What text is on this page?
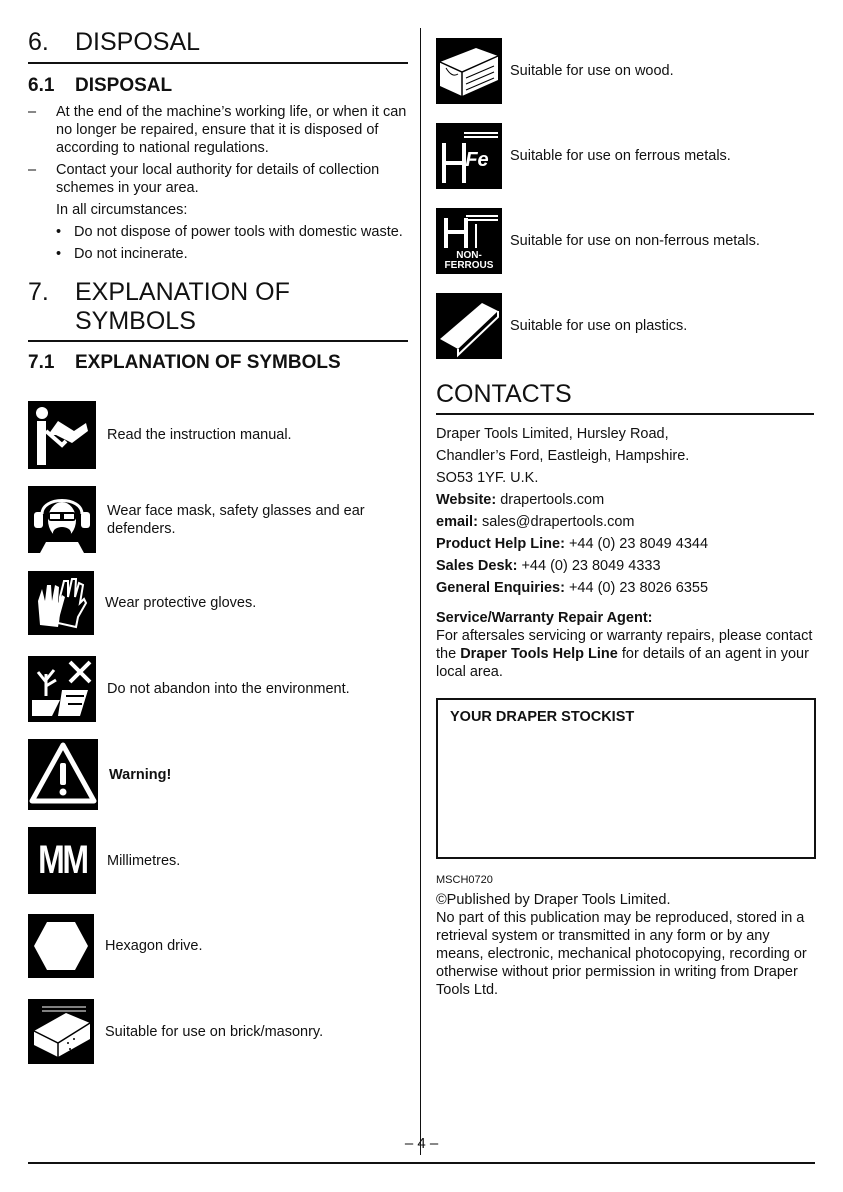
6.	DISPOSAL
6.1	DISPOSAL
–	At the end of the machine’s working life, or when it can no longer be repaired, ensure that it is disposed of according to national regulations.
–	Contact your local authority for details of collection schemes in your area.
In all circumstances:
• Do not dispose of power tools with domestic waste.
• Do not incinerate.
7.	EXPLANATION OF
SYMBOLS
7.1	EXPLANATION OF SYMBOLS
Read the instruction manual.
Wear face mask, safety glasses and ear defenders.
Wear protective gloves.
Do not abandon into the environment.
Warning!
MM Millimetres.
Hexagon drive.
Suitable for use on brick/masonry.
Suitable for use on wood.
Fe Suitable for use on ferrous metals.
NON-
FERROUS
Suitable for use on non-ferrous metals.
Suitable for use on plastics.
CONTACTS
Draper Tools Limited, Hursley Road,
Chandler’s Ford, Eastleigh, Hampshire.
SO53 1YF. U.K.
Website: drapertools.com
email: sales@drapertools.com
Product Help Line: +44 (0) 23 8049 4344
Sales Desk: +44 (0) 23 8049 4333
General Enquiries: +44 (0) 23 8026 6355
Service/Warranty Repair Agent:
For aftersales servicing or warranty repairs, please contact the Draper Tools Help Line for details of an agent in your local area.
YOUR DRAPER STOCKIST
MSCH0720
©Published by Draper Tools Limited.
No part of this publication may be reproduced, stored in a retrieval system or transmitted in any form or by any means, electronic, mechanical photocopying, recording or otherwise without prior permission in writing from Draper Tools Ltd.
– 4 –
